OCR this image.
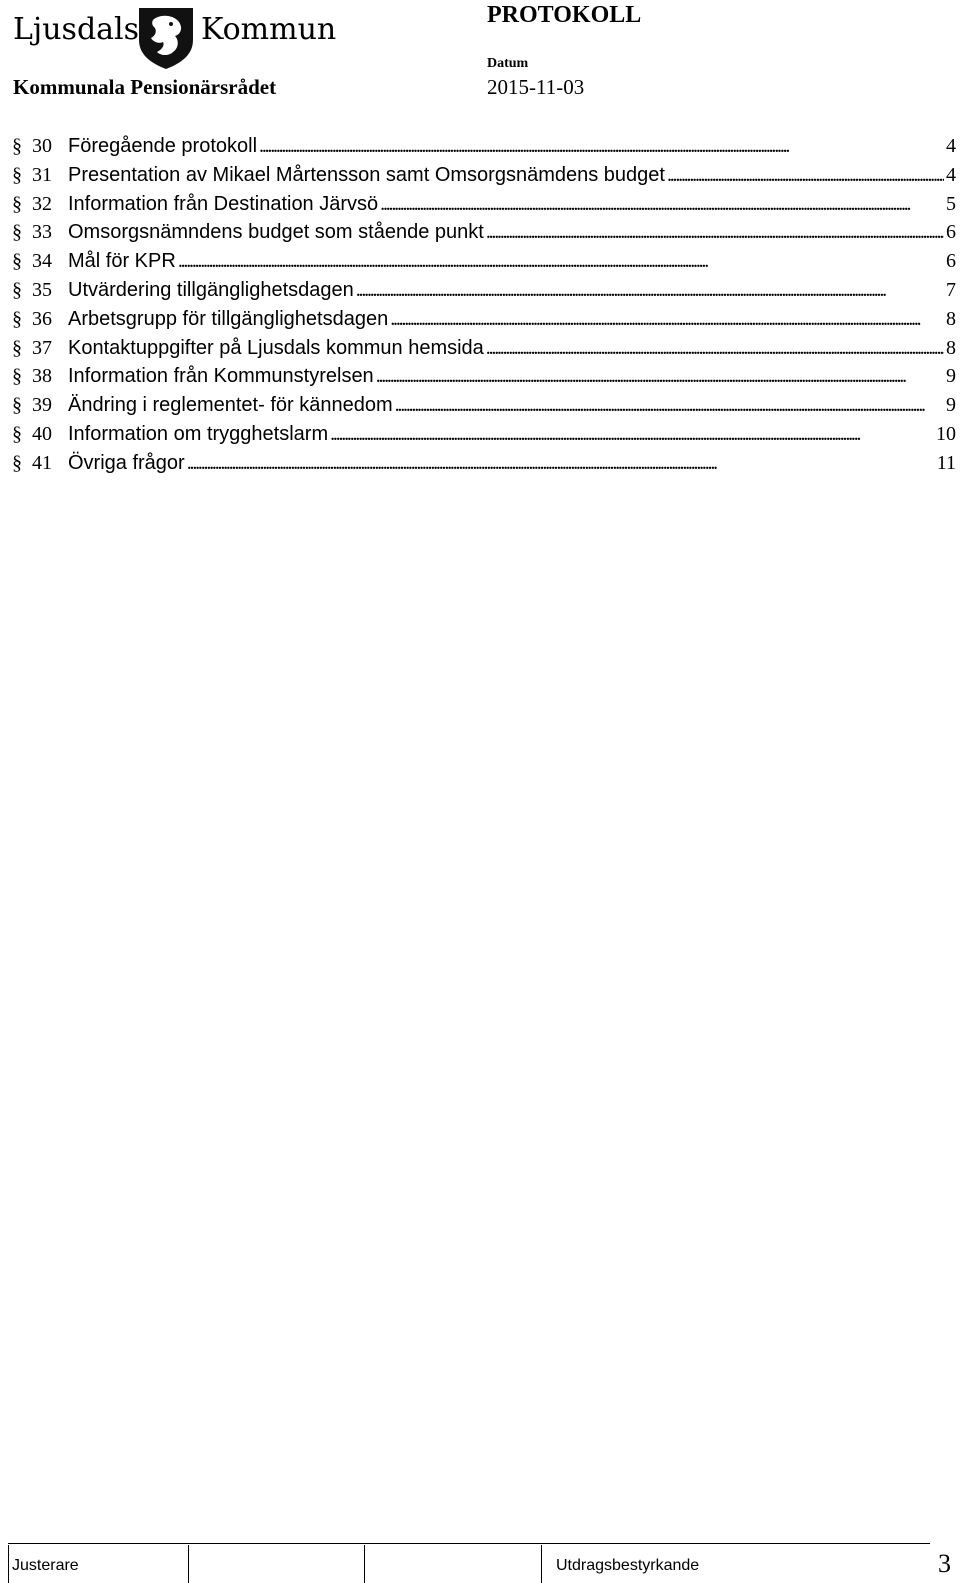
Ljusdals Kommun
Kommunala Pensionärsrådet
PROTOKOLL
Datum
2015-11-03
§ 30 Föregående protokoll . . .	4
§ 31 Presentation av Mikael Mårtensson samt Omsorgsnämdens budget . . .	4
§ 32 Information från Destination Järvsö . . .	5
§ 33 Omsorgsnämndens budget som stående punkt . . .	6
§ 34 Mål för KPR . . .	6
§ 35 Utvärdering tillgänglighetsdagen . . .	7
§ 36 Arbetsgrupp för tillgänglighetsdagen . . .	8
§ 37 Kontaktuppgifter på Ljusdals kommun hemsida . . .	8
§ 38 Information från Kommunstyrelsen . . .	9
§ 39 Ändring i reglementet- för kännedom . . .	9
§ 40 Information om trygghetslarm . . .	10
§ 41 Övriga frågor . . .	11
Justerare	Utdragsbestyrkande	3
